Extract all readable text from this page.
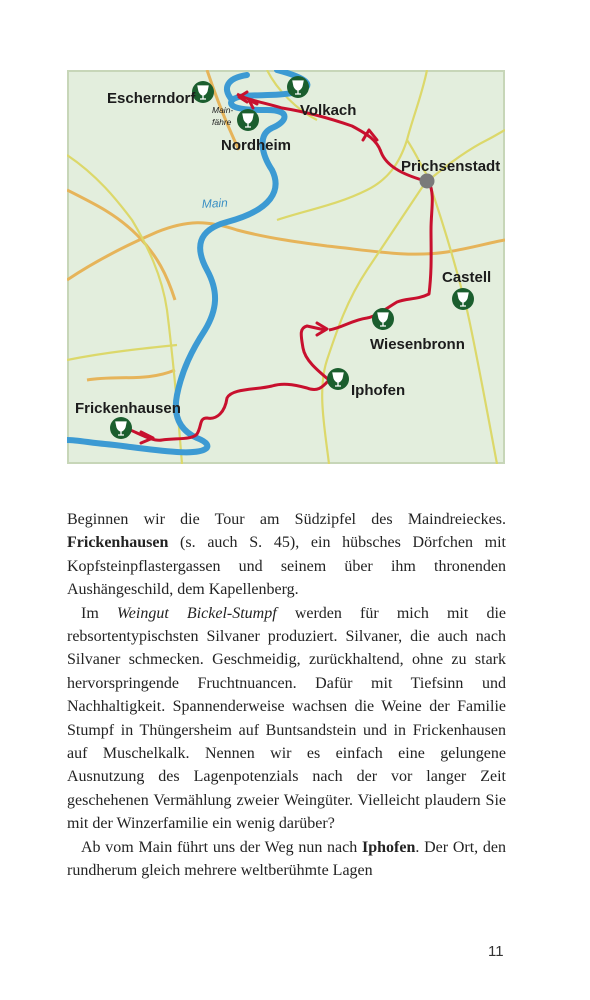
Main
Escherndorf
Volkach
Main-
fähre
Nordheim
Prichsenstadt
Castell
Wiesenbronn
Iphofen
Frickenhausen

Beginnen wir die Tour am Südzipfel des Maindreieckes. Frickenhausen (s. auch S. 45), ein hübsches Dörfchen mit Kopfsteinpflastergassen und seinem über ihm thronenden Aushängeschild, dem Kapellenberg.

Im Weingut Bickel-Stumpf werden für mich mit die rebsortentypischsten Silvaner produziert. Silvaner, die auch nach Silvaner schmecken. Geschmeidig, zurückhaltend, ohne zu stark hervorspringende Fruchtnuancen. Dafür mit Tiefsinn und Nachhaltigkeit. Spannenderweise wachsen die Weine der Familie Stumpf in Thüngersheim auf Buntsandstein und in Frickenhausen auf Muschelkalk. Nennen wir es einfach eine gelungene Ausnutzung des Lagenpotenzials nach der vor langer Zeit geschehenen Vermählung zweier Weingüter. Vielleicht plaudern Sie mit der Winzerfamilie ein wenig darüber?

Ab vom Main führt uns der Weg nun nach Iphofen. Der Ort, den rundherum gleich mehrere weltberühmte Lagen

11
